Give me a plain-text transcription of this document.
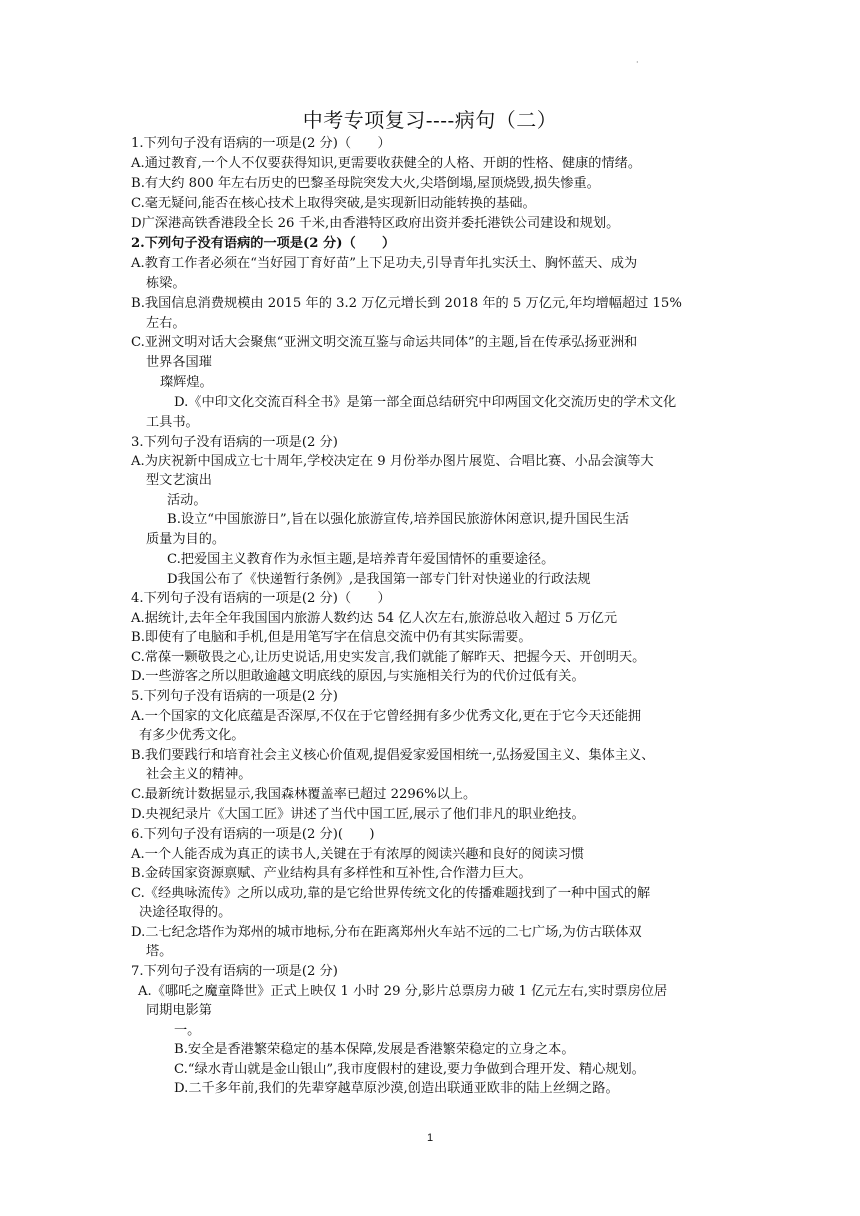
·
中考专项复习----病句（二）
1.下列句子没有语病的一项是(2 分)（　　）
A.通过教育,一个人不仅要获得知识,更需要收获健全的人格、开朗的性格、健康的情绪。
B.有大约 800 年左右历史的巴黎圣母院突发大火,尖塔倒塌,屋顶烧毁,损失惨重。
C.毫无疑问,能否在核心技术上取得突破,是实现新旧动能转换的基础。
D广深港高铁香港段全长 26 千米,由香港特区政府出资并委托港铁公司建设和规划。
2.下列句子没有语病的一项是(2 分)（　　）
A.教育工作者必须在“当好园丁育好苗”上下足功夫,引导青年扎实沃土、胸怀蓝天、成为
栋梁。
B.我国信息消费规模由 2015 年的 3.2 万亿元增长到 2018 年的 5 万亿元,年均增幅超过 15%
左右。
C.亚洲文明对话大会聚焦“亚洲文明交流互鉴与命运共同体”的主题,旨在传承弘扬亚洲和
世界各国璀
璨辉煌。
D.《中印文化交流百科全书》是第一部全面总结研究中印两国文化交流历史的学术文化
工具书。
3.下列句子没有语病的一项是(2 分)
A.为庆祝新中国成立七十周年,学校决定在 9 月份举办图片展览、合唱比赛、小品会演等大
型文艺演出
活动。
B.设立“中国旅游日”,旨在以强化旅游宣传,培养国民旅游休闲意识,提升国民生活
质量为目的。
C.把爱国主义教育作为永恒主题,是培养青年爱国情怀的重要途径。
D我国公布了《快递暂行条例》,是我国第一部专门针对快递业的行政法规
4.下列句子没有语病的一项是(2 分)（　　）
A.据统计,去年全年我国国内旅游人数约达 54 亿人次左右,旅游总收入超过 5 万亿元
B.即使有了电脑和手机,但是用笔写字在信息交流中仍有其实际需要。
C.常葆一颗敬畏之心,让历史说话,用史实发言,我们就能了解昨天、把握今天、开创明天。
D.一些游客之所以胆敢逾越文明底线的原因,与实施相关行为的代价过低有关。
5.下列句子没有语病的一项是(2 分)
A.一个国家的文化底蕴是否深厚,不仅在于它曾经拥有多少优秀文化,更在于它今天还能拥
有多少优秀文化。
B.我们要践行和培育社会主义核心价值观,提倡爱家爱国相统一,弘扬爱国主义、集体主义、
社会主义的精神。
C.最新统计数据显示,我国森林覆盖率已超过 2296%以上。
D.央视纪录片《大国工匠》讲述了当代中国工匠,展示了他们非凡的职业绝技。
6.下列句子没有语病的一项是(2 分)(　　)
A.一个人能否成为真正的读书人,关键在于有浓厚的阅读兴趣和良好的阅读习惯
B.金砖国家资源禀赋、产业结构具有多样性和互补性,合作潜力巨大。
C.《经典咏流传》之所以成功,靠的是它给世界传统文化的传播难题找到了一种中国式的解
决途径取得的。
D.二七纪念塔作为郑州的城市地标,分布在距离郑州火车站不远的二七广场,为仿古联体双
塔。
7.下列句子没有语病的一项是(2 分)
A.《哪吒之魔童降世》正式上映仅 1 小时 29 分,影片总票房力破 1 亿元左右,实时票房位居
同期电影第
一。
B.安全是香港繁荣稳定的基本保障,发展是香港繁荣稳定的立身之本。
C.“绿水青山就是金山银山”,我市度假村的建设,要力争做到合理开发、精心规划。
D.二千多年前,我们的先辈穿越草原沙漠,创造出联通亚欧非的陆上丝绸之路。
1
